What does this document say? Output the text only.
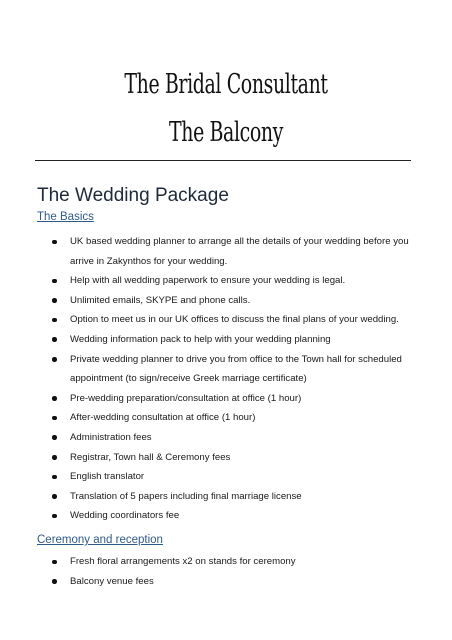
The Bridal Consultant
The Balcony
The Wedding Package
The Basics
UK based wedding planner to arrange all the details of your wedding before you arrive in Zakynthos for your wedding.
Help with all wedding paperwork to ensure your wedding is legal.
Unlimited emails, SKYPE and phone calls.
Option to meet us in our UK offices to discuss the final plans of your wedding.
Wedding information pack to help with your wedding planning
Private wedding planner to drive you from office to the Town hall for scheduled appointment (to sign/receive Greek marriage certificate)
Pre-wedding preparation/consultation at office (1 hour)
After-wedding consultation at office (1 hour)
Administration fees
Registrar, Town hall & Ceremony fees
English translator
Translation of 5 papers including final marriage license
Wedding coordinators fee
Ceremony and reception
Fresh floral arrangements x2 on stands for ceremony
Balcony venue fees
